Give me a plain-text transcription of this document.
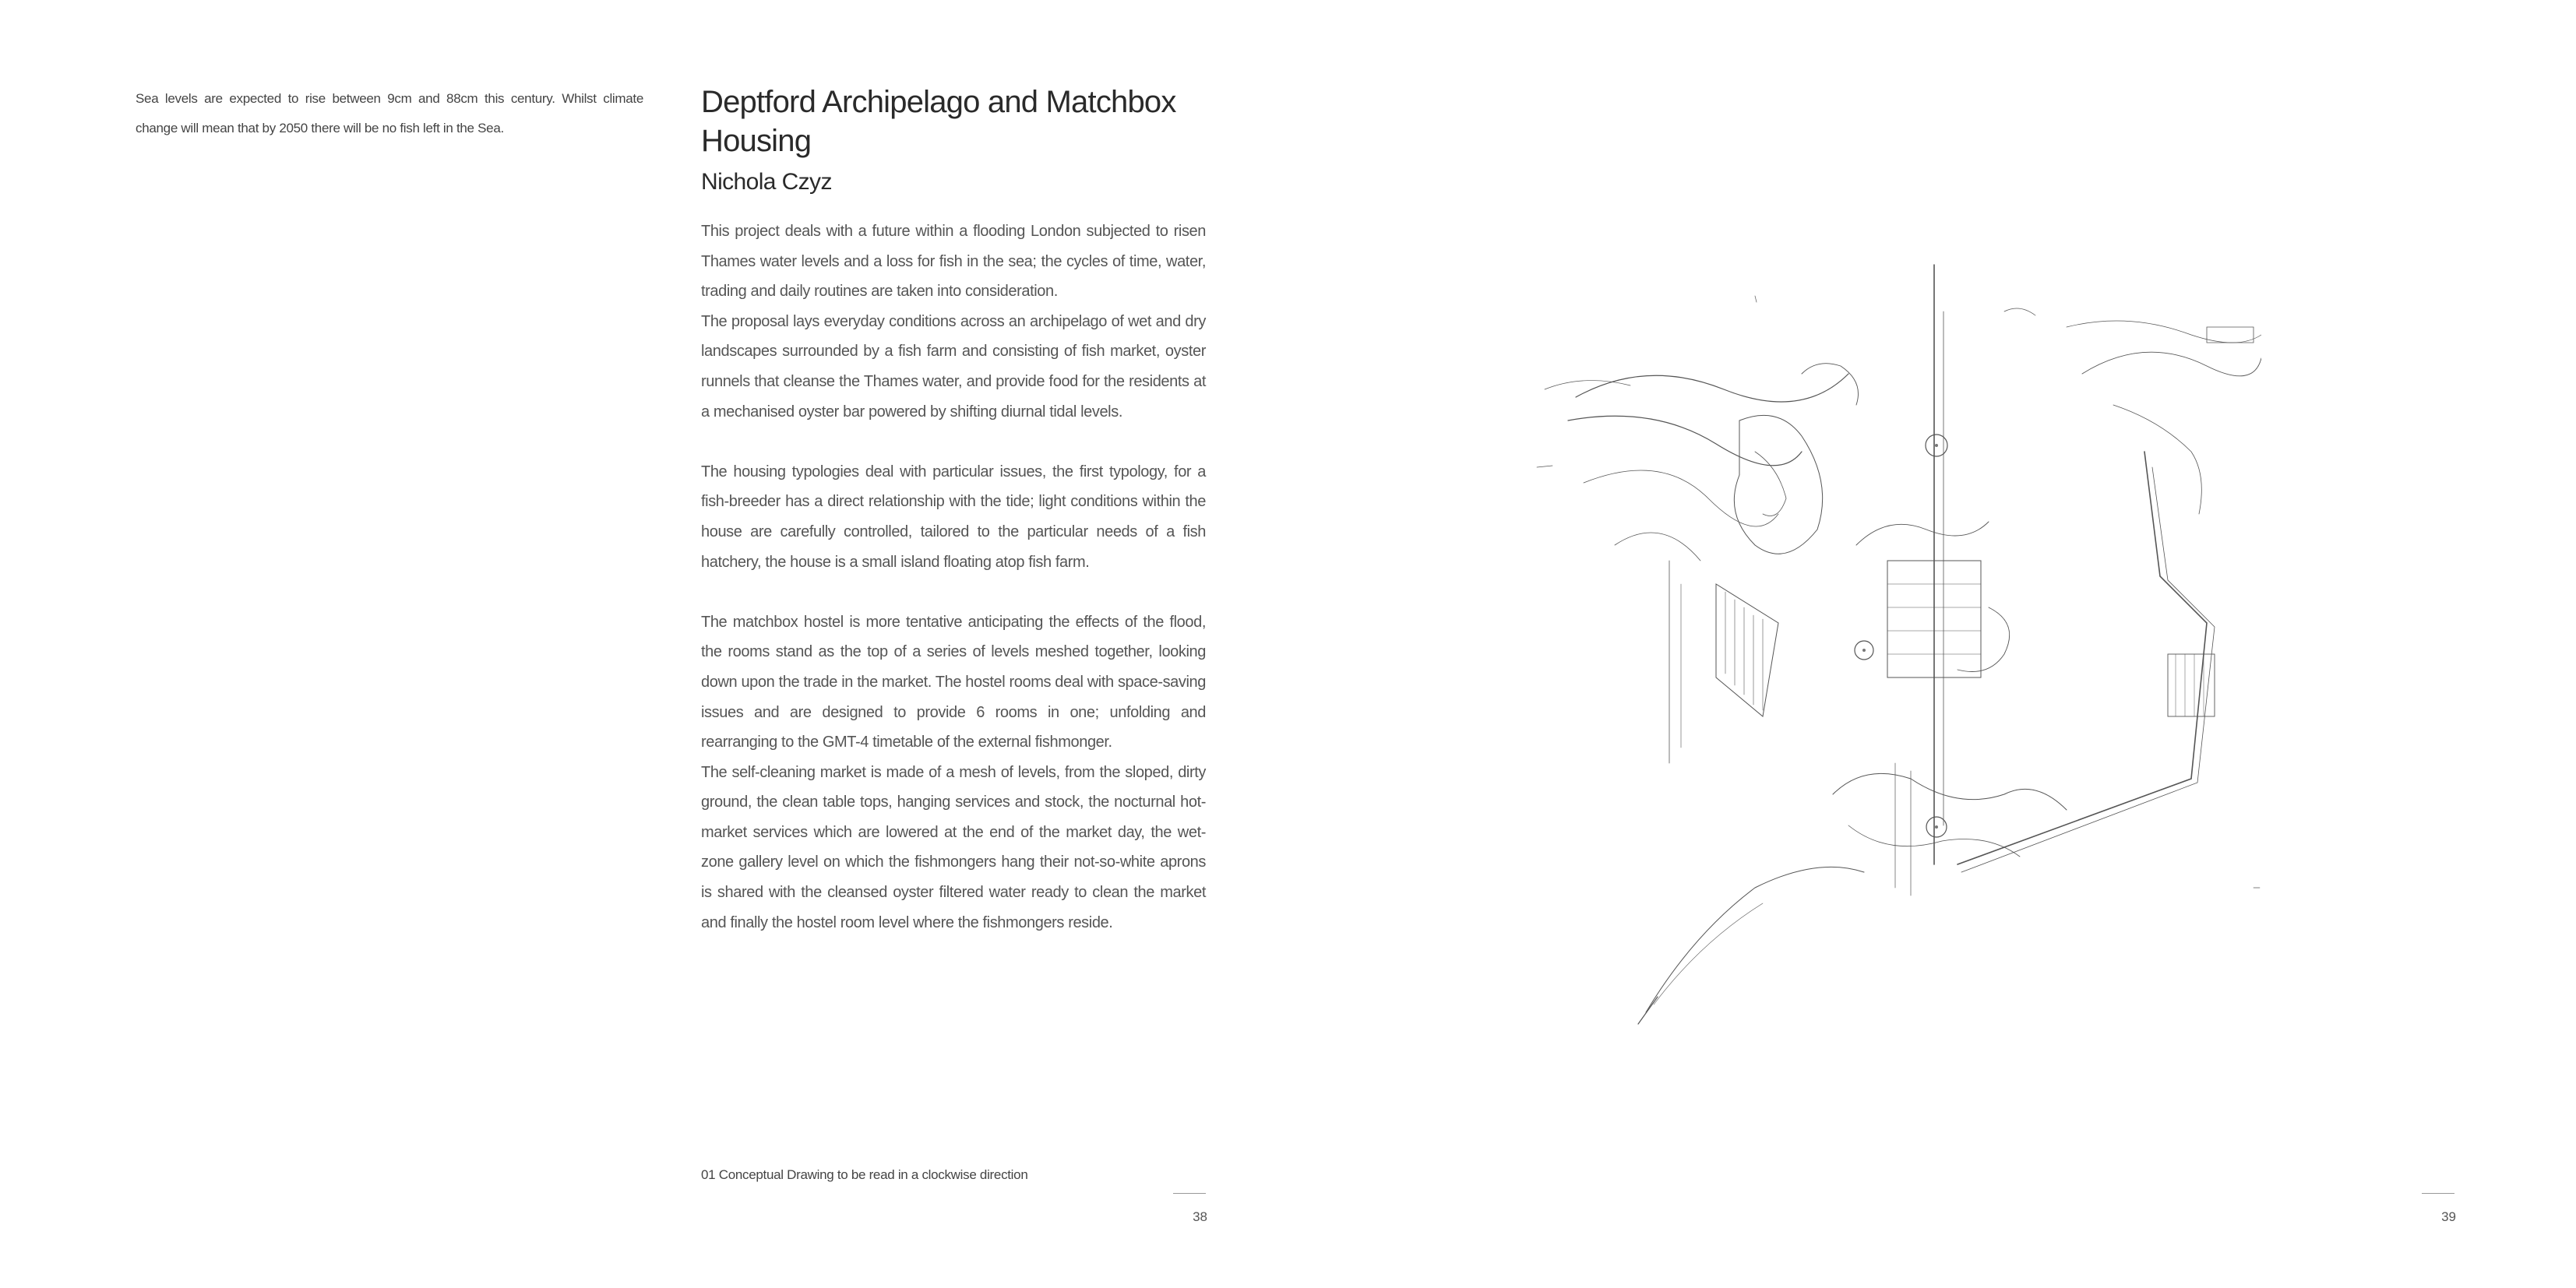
Sea levels are expected to rise between 9cm and 88cm this century. Whilst climate change will mean that by 2050 there will be no fish left in the Sea.
Deptford Archipelago and Matchbox Housing
Nichola Czyz

This project deals with a future within a flooding London subjected to risen Thames water levels and a loss for fish in the sea; the cycles of time, water, trading and daily routines are taken into consideration.
The proposal lays everyday conditions across an archipelago of wet and dry landscapes surrounded by a fish farm and consisting of fish market, oyster runnels that cleanse the Thames water, and provide food for the residents at a mechanised oyster bar powered by shifting diurnal tidal levels.

The housing typologies deal with particular issues, the first typology, for a fish-breeder has a direct relationship with the tide; light conditions within the house are carefully controlled, tailored to the particular needs of a fish hatchery, the house is a small island floating atop fish farm.

The matchbox hostel is more tentative anticipating the effects of the flood, the rooms stand as the top of a series of levels meshed together, looking down upon the trade in the market. The hostel rooms deal with space-saving issues and are designed to provide 6 rooms in one; unfolding and rearranging to the GMT-4 timetable of the external fishmonger.
The self-cleaning market is made of a mesh of levels, from the sloped, dirty ground, the clean table tops, hanging services and stock, the nocturnal hot-market services which are lowered at the end of the market day, the wet-zone gallery level on which the fishmongers hang their not-so-white aprons is shared with the cleansed oyster filtered water ready to clean the market and finally the hostel room level where the fishmongers reside.

01 Conceptual Drawing to be read in a clockwise direction
38	39
